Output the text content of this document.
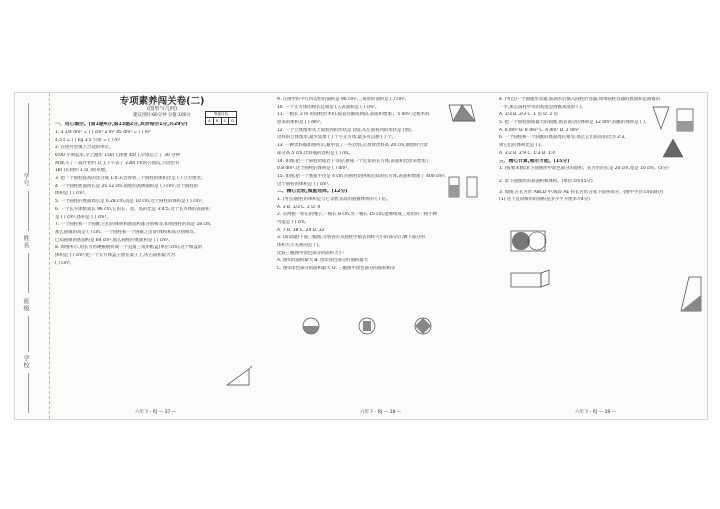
学号
姓名
班级
学校
专项素养闯关卷(二)
(图形与几何)
建议用时:60分钟 分值:100分	等级评价
A	B	C	D

一、用心填空。(第1题4分,第13题2分,其余每空1分,共29分)

1. 3 1/4 dm³ = ( ) cm³ 2 m³ 45 dm³ = ( ) m³

4.5 t = ( ) kg 3.5 公顷 = ( ) m²

2. 在括号里填上合适的单位。

6:00 小明起床,早上跑步 150( ),体重 45( ),早饭后上了 30 分钟

网课,写了一篇作业约 1( ),下午去了 230( )米的公园玩,公园里有

18( )长椅约 1.5( )的草地。

3. 把一个圆柱按高的比分成 1:4:3,会得到三个圆柱的体积比是 ( ) 立方厘米。

4. 一个圆柱底面周长是 25.12 cm,圆柱的高侧面积是 ( ) cm²,这个圆柱的

体积是 ( ) cm³。

5. 一个圆柱的底面周长是 6.28 cm,高是 10 cm,这个圆柱的体积是 ( ) cm³。

6. 一个长方体框架长 96 cm,它的长、宽、高的比是 3:4:5,这个长方体的表面积

是 ( ) cm²,体积是 ( ) cm³。

7. 一个圆柱和一个圆锥,它们的体积和底面积都分别相等,如果圆柱的高是 18 cm,

那么圆锥的高是 ( ) cm。一个圆柱和一个圆锥,它们的体积和高分别相等,

已知圆锥的底面积是 84 cm²,那么圆柱的底面积是 ( ) cm²。

8. 如图所示,用长方形硬纸板折成一个直角三角形纸盒(单位:cm),这个纸盒的

体积是 ( ) cm³;把一个长方体盒子放在桌子上,所占面积最大为

( ) cm²。

六年下 · RJ — 37 —

9. 在图中的平行四边形的面积是 96 cm²,三角形的面积是 ( ) cm²。

10. 一个正方体的棱长总和是 ( ),表面积是 ( ) cm²。

11. 一根长 2 m 的圆柱形木料,按直径截成两段,表面积增加了 5 dm²,这根木料

原来的体积是 ( ) dm³。

12. 一个立体图形从上面看到的形状是 [图],从左面看到的形状是 [图],

这样的立体图形,最少需要 ( ) 个小正方体,最多可以摆 ( ) 个。

13. 一种饮料瓶如图所示,瓶中装了一些饮料,正放时饮料高 20 cm,倒放时空余

部分高 5 cm,饮料瓶的容积是 ( ) mL。

14. 如图,把一个圆柱切成若干等份,拼成一个近似的长方体,表面积比原来增加了

0.8 dm²,这个圆柱的体积是 ( ) dm³。

15. 如图,把一个底面半径是 4 cm 的圆柱切拼成近似的长方体,表面积增加了 400 cm²,

这个圆柱的体积是 ( ) cm³。

二、精心比较,慎重选择。(12分)

1. (考点)圆柱的体积是与它等底等高的圆锥体积的 ( ) 倍。

A. 3 B. 1/3 C. 2 D. 9

2. 有两根一样长的绳子,一根长 8 cm,另一根长 15 cm,能够组成三角形的一根小棒

可能是 ( ) cm。

A. 7 B. 18 C. 24 D. 32

3. (易错题)下面三幅图,分别表示从圆柱中削去同样大小的部分后,剩下部分的

体积大小关系的是 ( )。

比较三幅图中涂色部分的面积大小:

A. 图①的面积最大 B. 图②涂色部分的面积最大

C. 图③涂色部分的面积最大 D. 三幅图中涂色部分的面积相等

六年下 · RJ — 38 —

4. (考点)一个圆锥形容器,加满水后倒入圆柱形容器,如果圆柱容器的底面积是圆锥的

一半,那么圆柱中水的高度是圆锥高度的 ( )。

A. 1/3 B. 2/3 C. 1 倍 D. 2 倍

5. 把一个圆柱削成最大的圆锥,削去部分的体积是 12 dm³,圆锥的体积是 ( )。

A. 6 dm³ B. 8 dm³ C. 4 dm³ D. 3 dm³

6. 一个圆柱和一个圆锥的底面周长相等,那么它们的高的比为 2:3,

则它们的体积比是 ( )。

A. 3:2 B. 2:9 C. 1:3 D. 1:4

三、精心计算,展示才能。(15分)

1. (按要求画)求下面图形中涂色部分的面积。长方形的长是 20 cm,宽是 10 cm。(5分)

2. 求下面图形的表面积和体积。(单位:cm)(5分)

3. 如图,在长方形 ABCD 中,线段 AE 将长方形分成下面各部分。(图中半径:cm)(8分)

(1) 这个直角梯形的面积是多少平方厘米?(4分)

六年下 · RJ — 39 —
